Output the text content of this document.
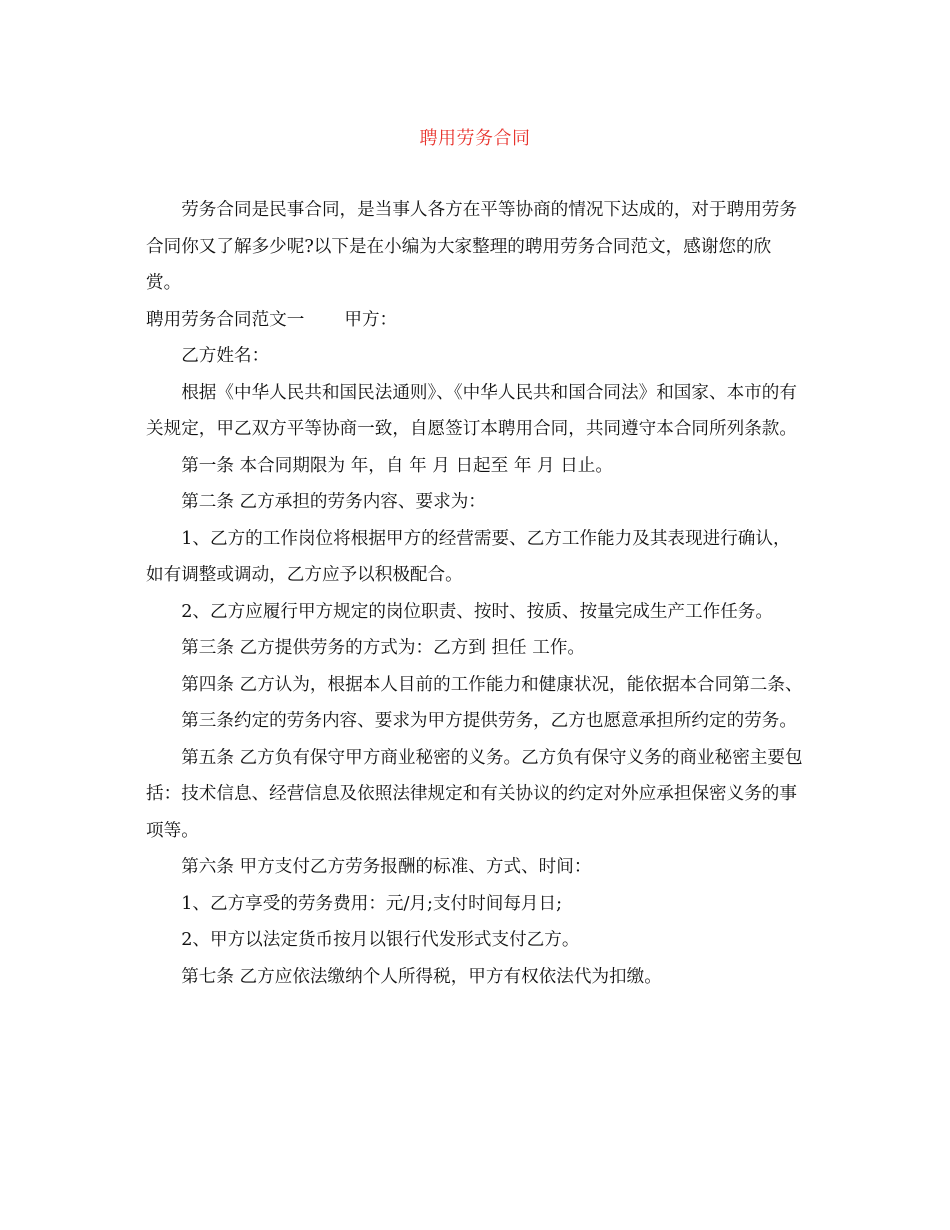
聘用劳务合同

劳务合同是民事合同，是当事人各方在平等协商的情况下达成的，对于聘用劳务合同你又了解多少呢?以下是在小编为大家整理的聘用劳务合同范文，感谢您的欣赏。

聘用劳务合同范文一 甲方：

乙方姓名：

根据《中华人民共和国民法通则》、《中华人民共和国合同法》和国家、本市的有关规定，甲乙双方平等协商一致，自愿签订本聘用合同，共同遵守本合同所列条款。

第一条 本合同期限为 年，自 年 月 日起至 年 月 日止。

第二条 乙方承担的劳务内容、要求为：

1、乙方的工作岗位将根据甲方的经营需要、乙方工作能力及其表现进行确认，如有调整或调动，乙方应予以积极配合。

2、乙方应履行甲方规定的岗位职责、按时、按质、按量完成生产工作任务。

第三条 乙方提供劳务的方式为：乙方到 担任 工作。

第四条 乙方认为，根据本人目前的工作能力和健康状况，能依据本合同第二条、

第三条约定的劳务内容、要求为甲方提供劳务，乙方也愿意承担所约定的劳务。

第五条 乙方负有保守甲方商业秘密的义务。乙方负有保守义务的商业秘密主要包括：技术信息、经营信息及依照法律规定和有关协议的约定对外应承担保密义务的事项等。

第六条 甲方支付乙方劳务报酬的标准、方式、时间：

1、乙方享受的劳务费用：元/月;支付时间每月日;

2、甲方以法定货币按月以银行代发形式支付乙方。

第七条 乙方应依法缴纳个人所得税，甲方有权依法代为扣缴。
